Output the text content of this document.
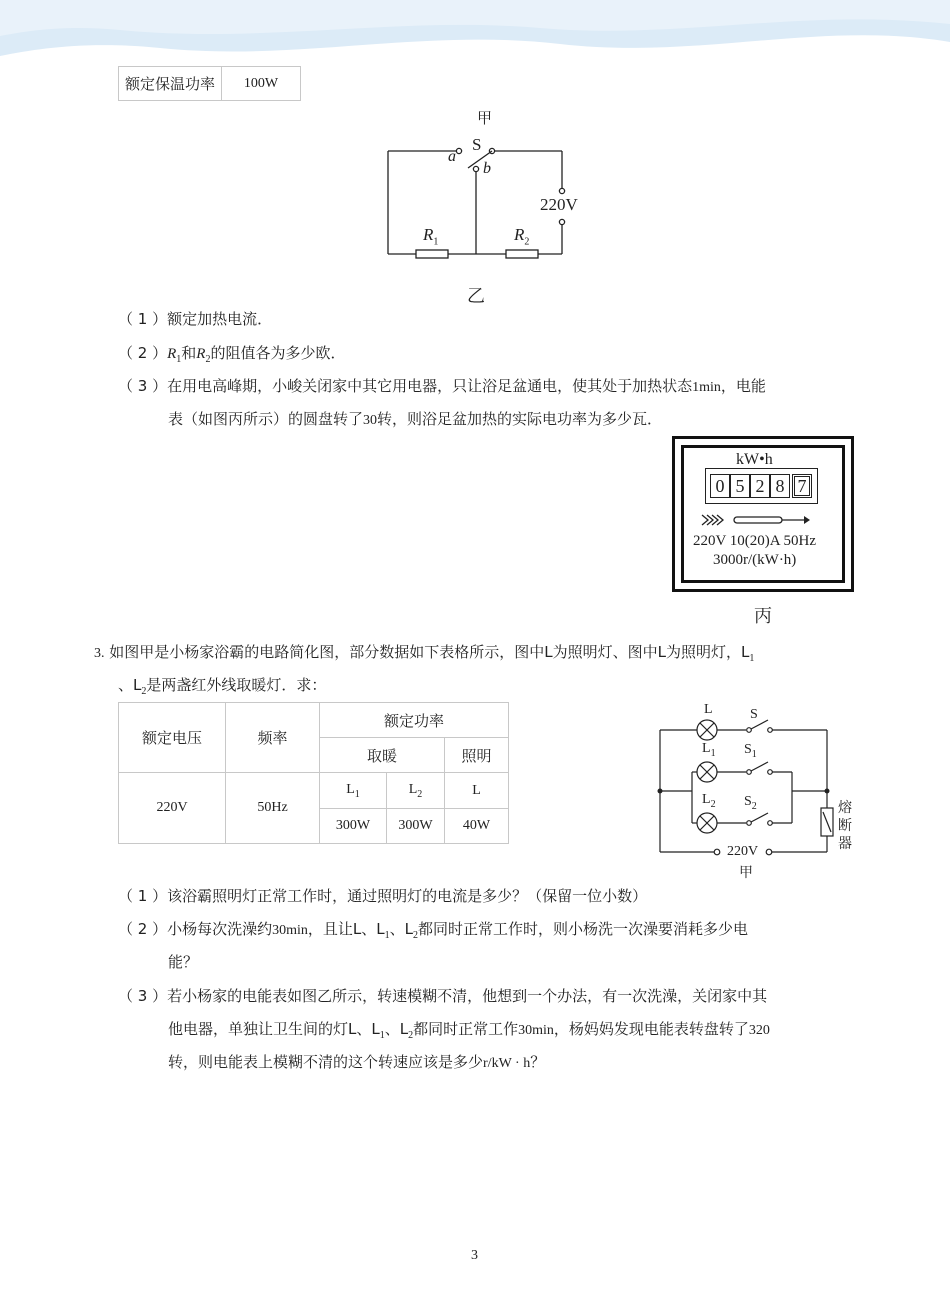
额定保温功率	100W
甲
S
a
b
220V
$R_1$	$R_2$
乙
（ 1 ）额定加热电流．
（ 2 ）$R_1$和$R_2$的阻值各为多少欧．
（ 3 ）在用电高峰期，小峻关闭家中其它用电器，只让浴足盆通电，使其处于加热状态1min，电能
表（如图丙所示）的圆盘转了30转，则浴足盆加热的实际电功率为多少瓦．
kW•h
0 5 2 8 7
220V 10(20)A 50Hz
3000r/(kW·h)
丙
3. 如图甲是小杨家浴霸的电路简化图，部分数据如下表格所示，图中L为照明灯、图中L为照明灯，$L_1$
、$L_2$是两盏红外线取暖灯．求：
额定电压	频率	额定功率		
		取暖		照明
220V	50Hz	$L_1$	$L_2$	L
		300W	300W	40W
L	S
$L_1$ $S_1$
$L_2$ $S_2$	熔
断
器
220V
甲
（ 1 ）该浴霸照明灯正常工作时，通过照明灯的电流是多少？（保留一位小数）
（ 2 ）小杨每次洗澡约30min，且让L、$L_1$、$L_2$都同时正常工作时，则小杨洗一次澡要消耗多少电
能？
（ 3 ）若小杨家的电能表如图乙所示，转速模糊不清，他想到一个办法，有一次洗澡，关闭家中其
他电器，单独让卫生间的灯L、$L_1$、$L_2$都同时正常工作30min，杨妈妈发现电能表转盘转了320
转，则电能表上模糊不清的这个转速应该是多少r/kW · h？
3
